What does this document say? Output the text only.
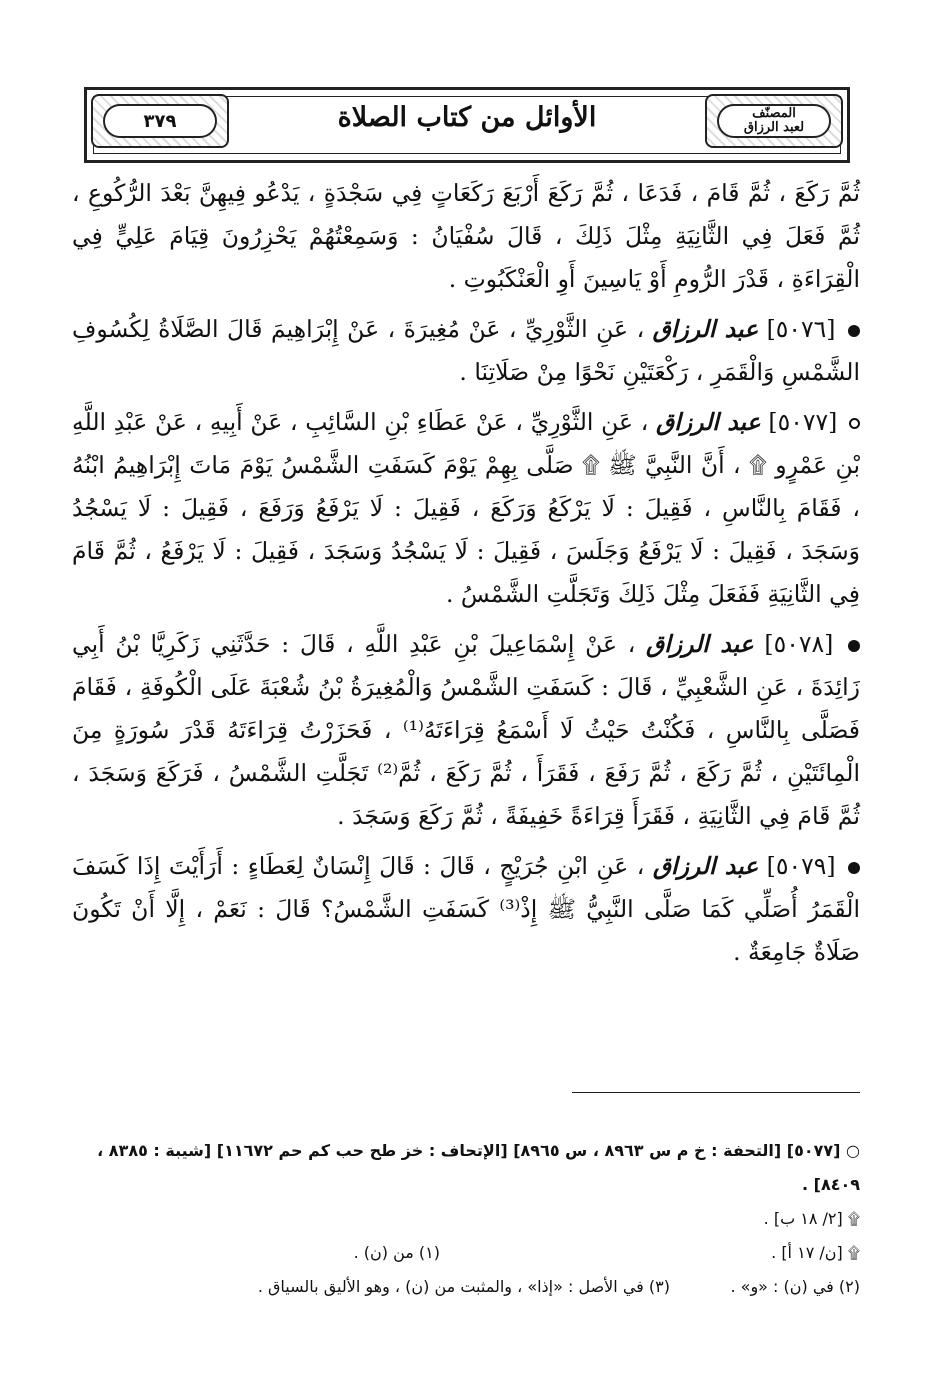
٣٧٩	الأوائل من كتاب الصلاة	المصنّف
لعبد الرزاق

ثُمَّ رَكَعَ ، ثُمَّ قَامَ ، فَدَعَا ، ثُمَّ رَكَعَ أَرْبَعَ رَكَعَاتٍ فِي سَجْدَةٍ ، يَدْعُو فِيهِنَّ بَعْدَ الرُّكُوعِ ، ثُمَّ فَعَلَ فِي الثَّانِيَةِ مِثْلَ ذَلِكَ ، قَالَ سُفْيَانُ : وَسَمِعْتُهُمْ يَحْزِرُونَ قِيَامَ عَلِيٍّ فِي الْقِرَاءَةِ ، قَدْرَ الرُّومِ أَوْ يَاسِينَ أَوِ الْعَنْكَبُوتِ .

[٥٠٧٦] عبد الرزاق ، عَنِ الثَّوْرِيِّ ، عَنْ مُغِيرَةَ ، عَنْ إِبْرَاهِيمَ قَالَ الصَّلَاةُ لِكُسُوفِ الشَّمْسِ وَالْقَمَرِ ، رَكْعَتَيْنِ نَحْوًا مِنْ صَلَاتِنَا .

[٥٠٧٧] عبد الرزاق ، عَنِ الثَّوْرِيِّ ، عَنْ عَطَاءِ بْنِ السَّائِبِ ، عَنْ أَبِيهِ ، عَنْ عَبْدِ اللَّهِ بْنِ عَمْرٍو ۩ ، أَنَّ النَّبِيَّ ﷺ ۩ صَلَّى بِهِمْ يَوْمَ كَسَفَتِ الشَّمْسُ يَوْمَ مَاتَ إِبْرَاهِيمُ ابْنُهُ ، فَقَامَ بِالنَّاسِ ، فَقِيلَ : لَا يَرْكَعُ وَرَكَعَ ، فَقِيلَ : لَا يَرْفَعُ وَرَفَعَ ، فَقِيلَ : لَا يَسْجُدُ وَسَجَدَ ، فَقِيلَ : لَا يَرْفَعُ وَجَلَسَ ، فَقِيلَ : لَا يَسْجُدُ وَسَجَدَ ، فَقِيلَ : لَا يَرْفَعُ ، ثُمَّ قَامَ فِي الثَّانِيَةِ فَفَعَلَ مِثْلَ ذَلِكَ وَتَجَلَّتِ الشَّمْسُ .

[٥٠٧٨] عبد الرزاق ، عَنْ إِسْمَاعِيلَ بْنِ عَبْدِ اللَّهِ ، قَالَ : حَدَّثَنِي زَكَرِيَّا بْنُ أَبِي زَائِدَةَ ، عَنِ الشَّعْبِيِّ ، قَالَ : كَسَفَتِ الشَّمْسُ وَالْمُغِيرَةُ بْنُ شُعْبَةَ عَلَى الْكُوفَةِ ، فَقَامَ فَصَلَّى بِالنَّاسِ ، فَكُنْتُ حَيْثُ لَا أَسْمَعُ قِرَاءَتَهُ⁽¹⁾ ، فَحَزَرْتُ قِرَاءَتَهُ قَدْرَ سُورَةٍ مِنَ الْمِائَتَيْنِ ، ثُمَّ رَكَعَ ، ثُمَّ رَفَعَ ، فَقَرَأَ ، ثُمَّ رَكَعَ ، ثُمَّ⁽²⁾ تَجَلَّتِ الشَّمْسُ ، فَرَكَعَ وَسَجَدَ ، ثُمَّ قَامَ فِي الثَّانِيَةِ ، فَقَرَأَ قِرَاءَةً خَفِيفَةً ، ثُمَّ رَكَعَ وَسَجَدَ .

[٥٠٧٩] عبد الرزاق ، عَنِ ابْنِ جُرَيْجٍ ، قَالَ : قَالَ إِنْسَانٌ لِعَطَاءٍ : أَرَأَيْتَ إِذَا كَسَفَ الْقَمَرُ أُصَلِّي كَمَا صَلَّى النَّبِيُّ ﷺ إِذْ⁽³⁾ كَسَفَتِ الشَّمْسُ؟ قَالَ : نَعَمْ ، إِلَّا أَنْ تَكُونَ صَلَاةٌ جَامِعَةٌ .

○ [٥٠٧٧] [التحفة : خ م س ٨٩٦٣ ، س ٨٩٦٥] [الإتحاف : خز طح حب كم حم ١١٦٧٢] [شيبة : ٨٣٨٥ ، ٨٤٠٩] .
۩ [٢/ ١٨ ب] .
۩ [ن/ ١٧ أ] .
(١) من (ن) .
(٢) في (ن) : «و» .
(٣) في الأصل : «إذا» ، والمثبت من (ن) ، وهو الأليق بالسياق .
